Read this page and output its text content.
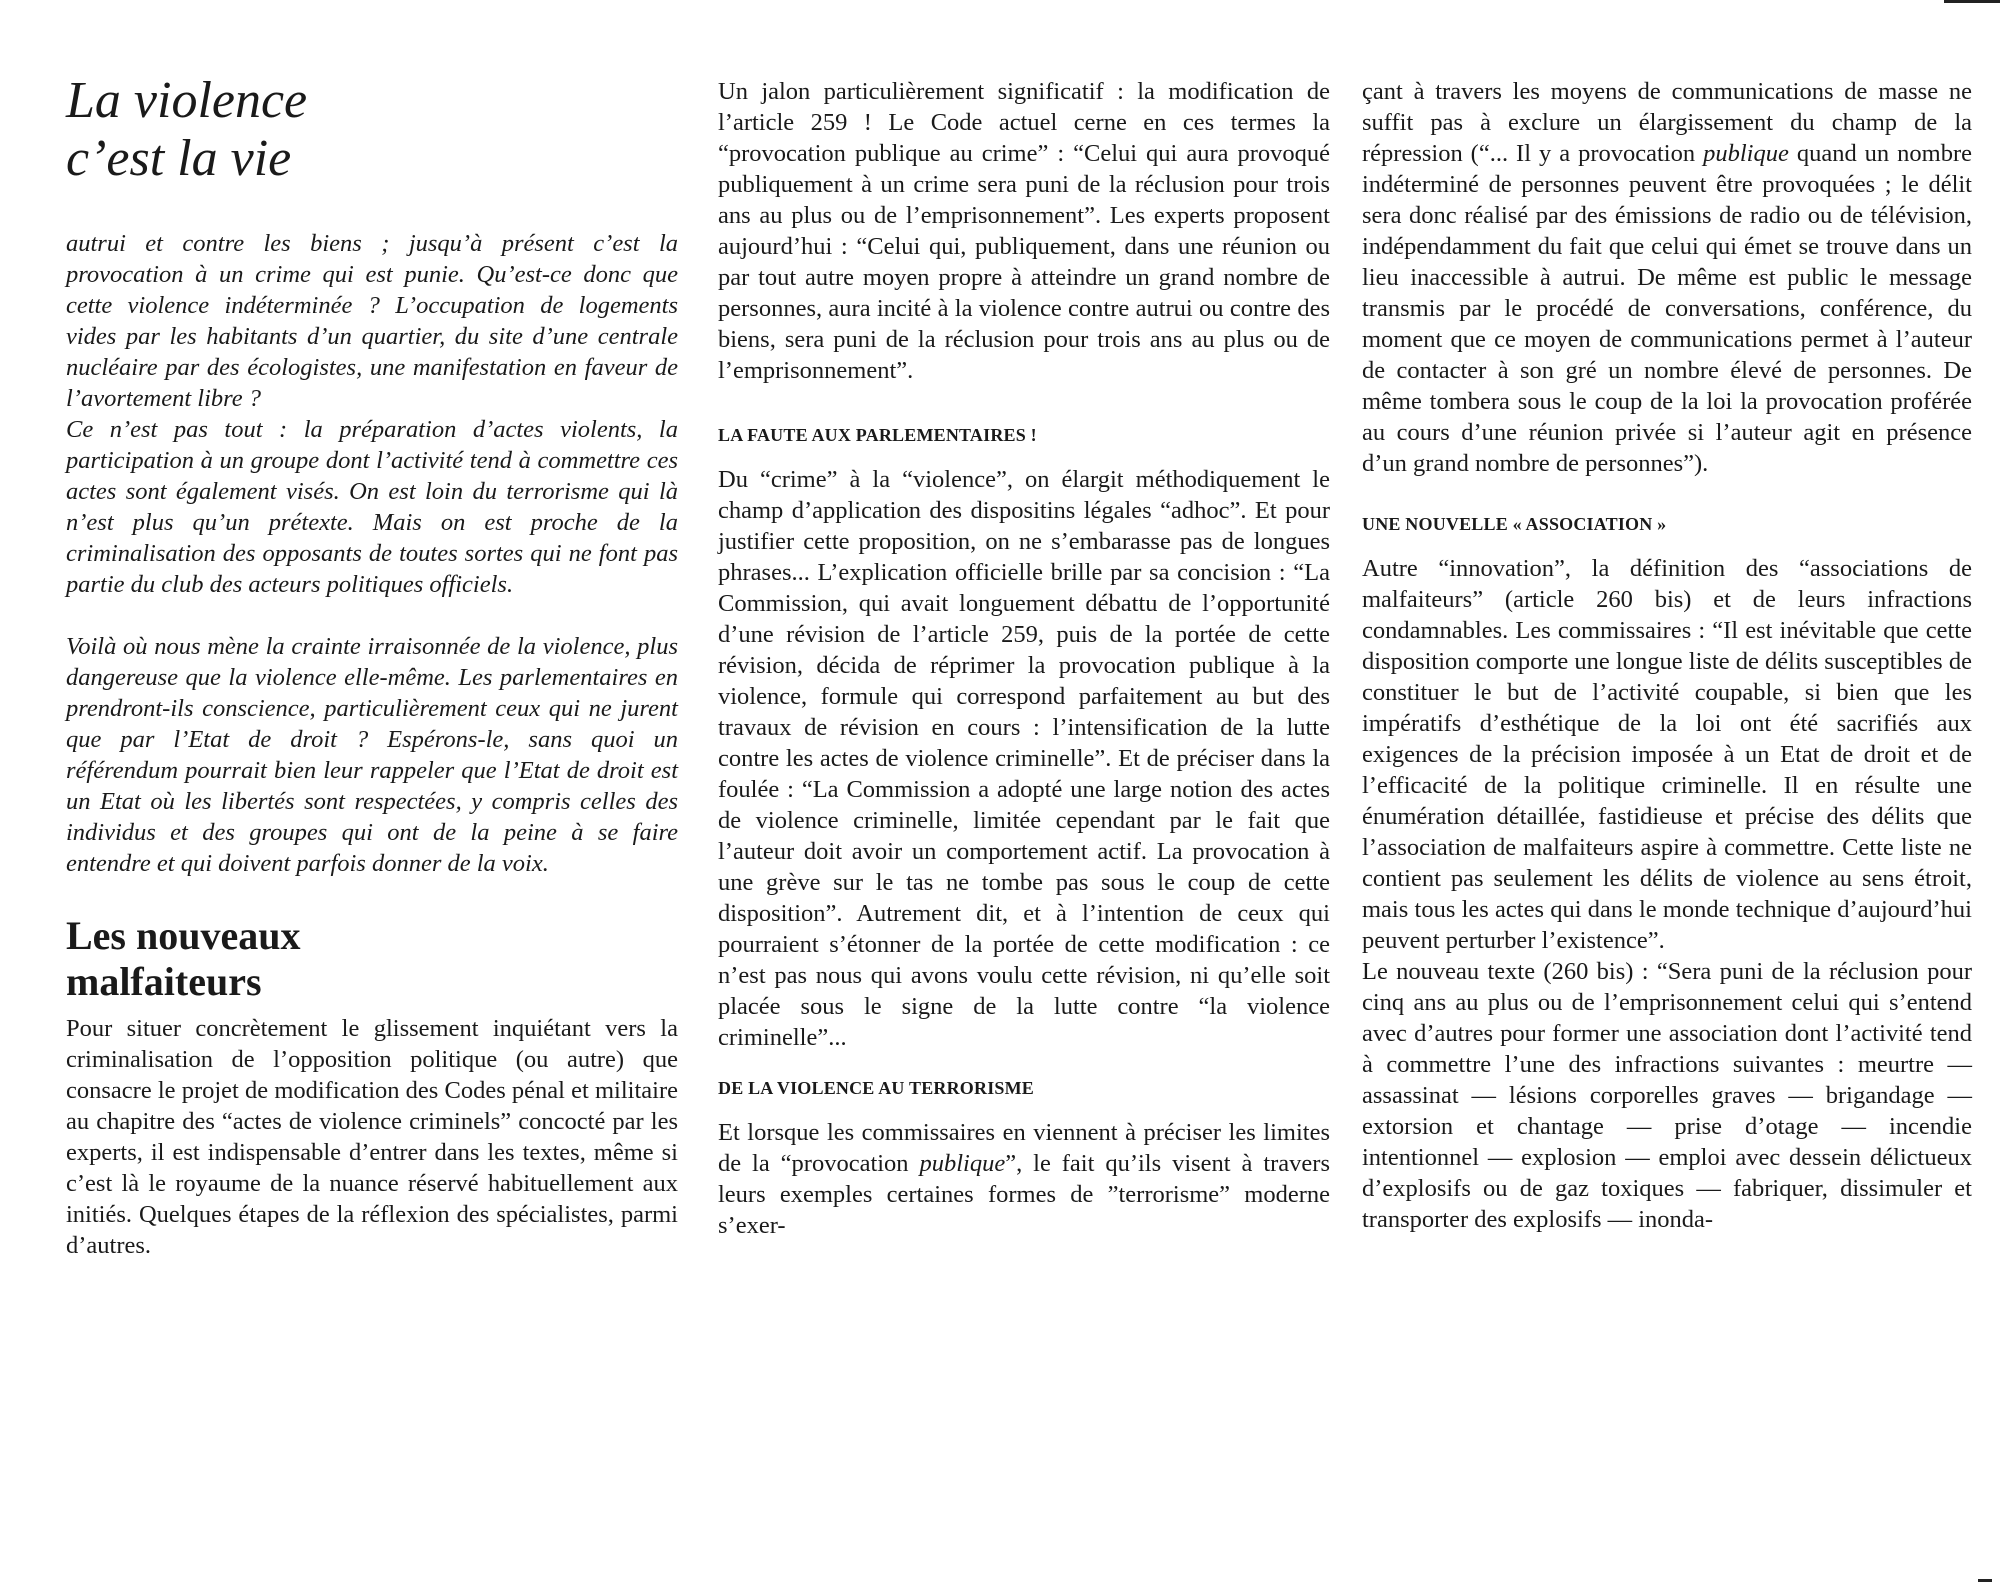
La violence
c’est la vie

autrui et contre les biens ; jusqu’à présent c’est la provocation à un crime qui est punie. Qu’est-ce donc que cette violence indéterminée ? L’occupation de logements vides par les habitants d’un quartier, du site d’une centrale nucléaire par des écologistes, une manifestation en faveur de l’avortement libre ?

Ce n’est pas tout : la préparation d’actes violents, la participation à un groupe dont l’activité tend à commettre ces actes sont également visés. On est loin du terrorisme qui là n’est plus qu’un prétexte. Mais on est proche de la criminalisation des opposants de toutes sortes qui ne font pas partie du club des acteurs politiques officiels.

Voilà où nous mène la crainte irraisonnée de la violence, plus dangereuse que la violence elle-même. Les parlementaires en prendront-ils conscience, particulièrement ceux qui ne jurent que par l’Etat de droit ? Espérons-le, sans quoi un référendum pourrait bien leur rappeler que l’Etat de droit est un Etat où les libertés sont respectées, y compris celles des individus et des groupes qui ont de la peine à se faire entendre et qui doivent parfois donner de la voix.

Les nouveaux
malfaiteurs

Pour situer concrètement le glissement inquiétant vers la criminalisation de l’opposition politique (ou autre) que consacre le projet de modification des Codes pénal et militaire au chapitre des “actes de violence criminels” concocté par les experts, il est indispensable d’entrer dans les textes, même si c’est là le royaume de la nuance réservé habituellement aux initiés. Quelques étapes de la réflexion des spécialistes, parmi d’autres.

Un jalon particulièrement significatif : la modification de l’article 259 ! Le Code actuel cerne en ces termes la “provocation publique au crime” : “Celui qui aura provoqué publiquement à un crime sera puni de la réclusion pour trois ans au plus ou de l’emprisonnement”. Les experts proposent aujourd’hui : “Celui qui, publiquement, dans une réunion ou par tout autre moyen propre à atteindre un grand nombre de personnes, aura incité à la violence contre autrui ou contre des biens, sera puni de la réclusion pour trois ans au plus ou de l’emprisonnement”.

LA FAUTE AUX PARLEMENTAIRES !

Du “crime” à la “violence”, on élargit méthodiquement le champ d’application des dispositins légales “adhoc”. Et pour justifier cette proposition, on ne s’embarasse pas de longues phrases... L’explication officielle brille par sa concision : “La Commission, qui avait longuement débattu de l’opportunité d’une révision de l’article 259, puis de la portée de cette révision, décida de réprimer la provocation publique à la violence, formule qui correspond parfaitement au but des travaux de révision en cours : l’intensification de la lutte contre les actes de violence criminelle”. Et de préciser dans la foulée : “La Commission a adopté une large notion des actes de violence criminelle, limitée cependant par le fait que l’auteur doit avoir un comportement actif. La provocation à une grève sur le tas ne tombe pas sous le coup de cette disposition”. Autrement dit, et à l’intention de ceux qui pourraient s’étonner de la portée de cette modification : ce n’est pas nous qui avons voulu cette révision, ni qu’elle soit placée sous le signe de la lutte contre “la violence criminelle”...

DE LA VIOLENCE AU TERRORISME

Et lorsque les commissaires en viennent à préciser les limites de la “provocation publique”, le fait qu’ils visent à travers leurs exemples certaines formes de ”terrorisme” moderne s’exer-

çant à travers les moyens de communications de masse ne suffit pas à exclure un élargissement du champ de la répression (“... Il y a provocation publique quand un nombre indéterminé de personnes peuvent être provoquées ; le délit sera donc réalisé par des émissions de radio ou de télévision, indépendamment du fait que celui qui émet se trouve dans un lieu inaccessible à autrui. De même est public le message transmis par le procédé de conversations, conférence, du moment que ce moyen de communications permet à l’auteur de contacter à son gré un nombre élevé de personnes. De même tombera sous le coup de la loi la provocation proférée au cours d’une réunion privée si l’auteur agit en présence d’un grand nombre de personnes”).

UNE NOUVELLE « ASSOCIATION »

Autre “innovation”, la définition des “associations de malfaiteurs” (article 260 bis) et de leurs infractions condamnables. Les commissaires : “Il est inévitable que cette disposition comporte une longue liste de délits susceptibles de constituer le but de l’activité coupable, si bien que les impératifs d’esthétique de la loi ont été sacrifiés aux exigences de la précision imposée à un Etat de droit et de l’efficacité de la politique criminelle. Il en résulte une énumération détaillée, fastidieuse et précise des délits que l’association de malfaiteurs aspire à commettre. Cette liste ne contient pas seulement les délits de violence au sens étroit, mais tous les actes qui dans le monde technique d’aujourd’hui peuvent perturber l’existence”.

Le nouveau texte (260 bis) : “Sera puni de la réclusion pour cinq ans au plus ou de l’emprisonnement celui qui s’entend avec d’autres pour former une association dont l’activité tend à commettre l’une des infractions suivantes : meurtre — assassinat — lésions corporelles graves — brigandage — extorsion et chantage — prise d’otage — incendie intentionnel — explosion — emploi avec dessein délictueux d’explosifs ou de gaz toxiques — fabriquer, dissimuler et transporter des explosifs — inonda-
